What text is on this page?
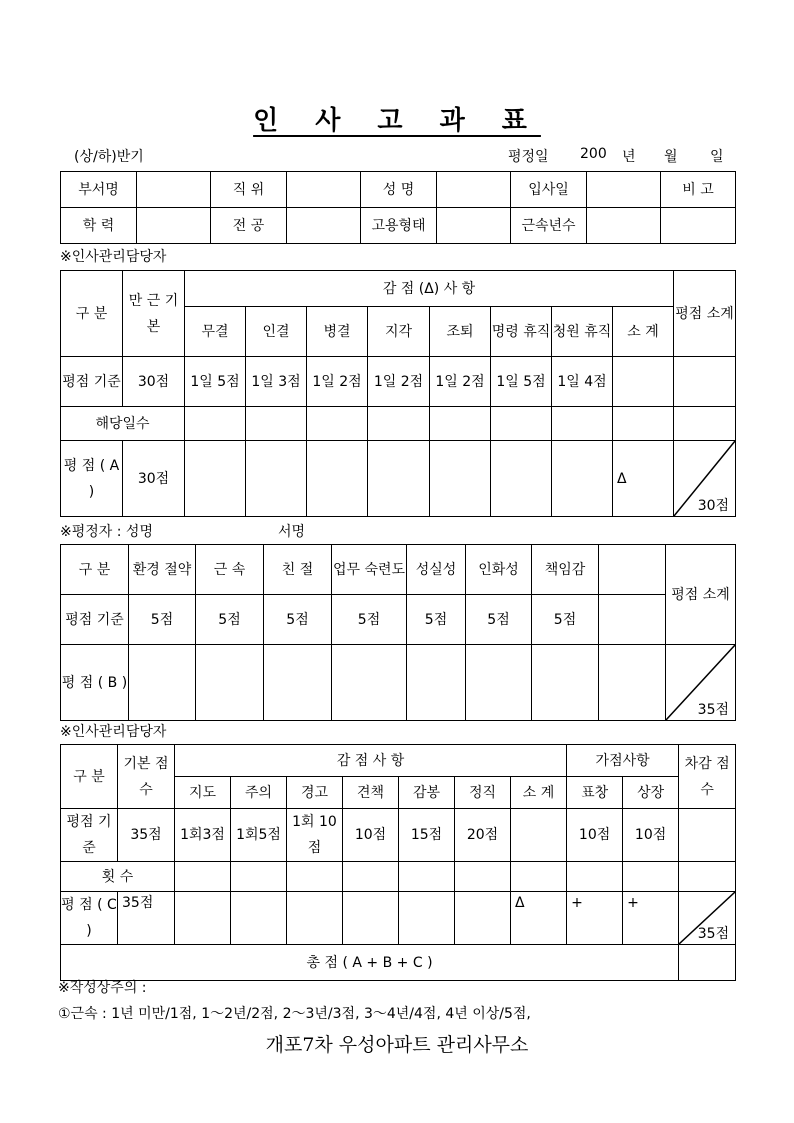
인 사 고 과 표
(상/하)반기	평정일 200 년 월 일
부서명		직 위		성 명		입사일		비 고
학 력		전 공		고용형태		근속년수		
※인사관리담당자
구 분	만 근 기 본	감 점 (Δ) 사 항								평점 소계
		무결	인결	병결	지각	조퇴	명령 휴직	청원 휴직	소 계	
평점 기준	30점	1일 5점	1일 3점	1일 2점	1일 2점	1일 2점	1일 5점	1일 4점		
해당일수										
평 점 ( A )	30점								Δ	30점
※평정자 : 성명	서명
구 분	환경 절약	근 속	친 절	업무 숙련도	성실성	인화성	책임감		평점 소계
평점 기준	5점	5점	5점	5점	5점	5점	5점		
평 점 ( B )									35점
※인사관리담당자
구 분	기본 점수	감 점 사 항							가점사항		차감 점수
		지도	주의	경고	견책	감봉	정직	소 계	표창	상장	
평점 기준	35점	1회3점	1회5점	1회 10점	10점	15점	20점		10점	10점	
횟 수											
평 점 ( C )	35점							Δ	+	+	35점

총 점 ( A + B + C )											
※작성상주의 :
①근속 : 1년 미만/1점, 1～2년/2점, 2～3년/3점, 3～4년/4점, 4년 이상/5점,
개포7차 우성아파트 관리사무소
